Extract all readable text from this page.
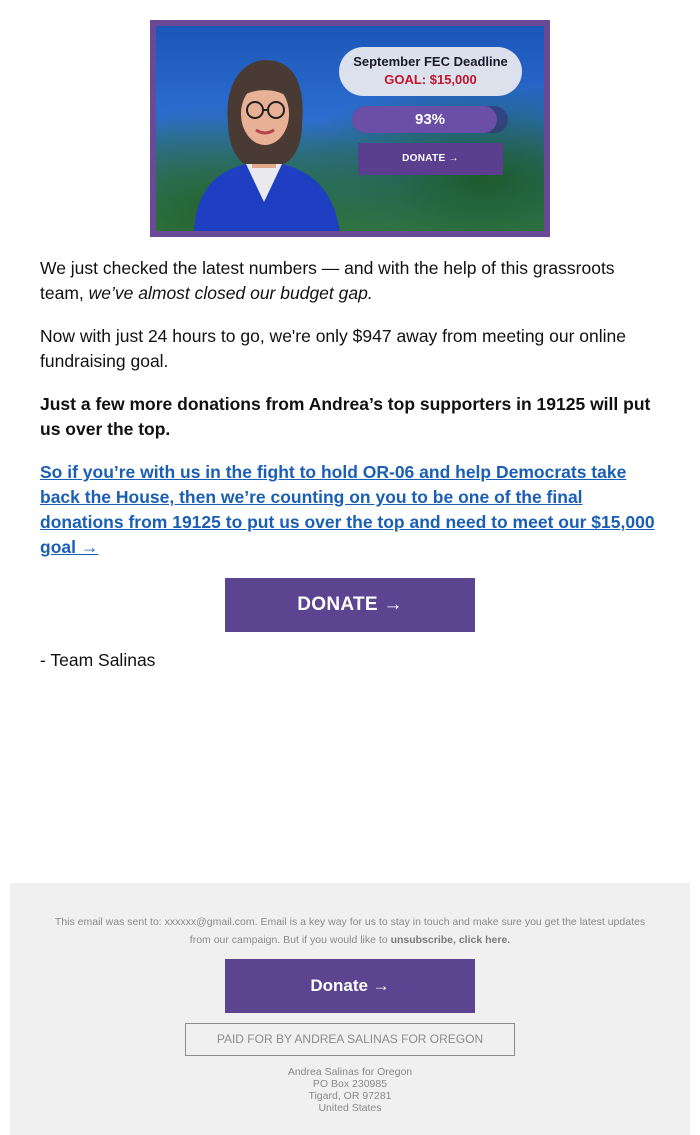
September FEC Deadline
GOAL: $15,000
93%
DONATE →

We just checked the latest numbers — and with the help of this grassroots team, we’ve almost closed our budget gap.

Now with just 24 hours to go, we're only $947 away from meeting our online fundraising goal.

Just a few more donations from Andrea’s top supporters in 19125 will put us over the top.

So if you’re with us in the fight to hold OR-06 and help Democrats take back the House, then we’re counting on you to be one of the final donations from 19125 to put us over the top and need to meet our $15,000 goal →

DONATE →
- Team Salinas
This email was sent to: xxxxxx@gmail.com. Email is a key way for us to stay in touch and make sure you get the latest updates from our campaign. But if you would like to unsubscribe, click here.
Donate →
PAID FOR BY ANDREA SALINAS FOR OREGON
Andrea Salinas for Oregon
PO Box 230985
Tigard, OR 97281
United States
